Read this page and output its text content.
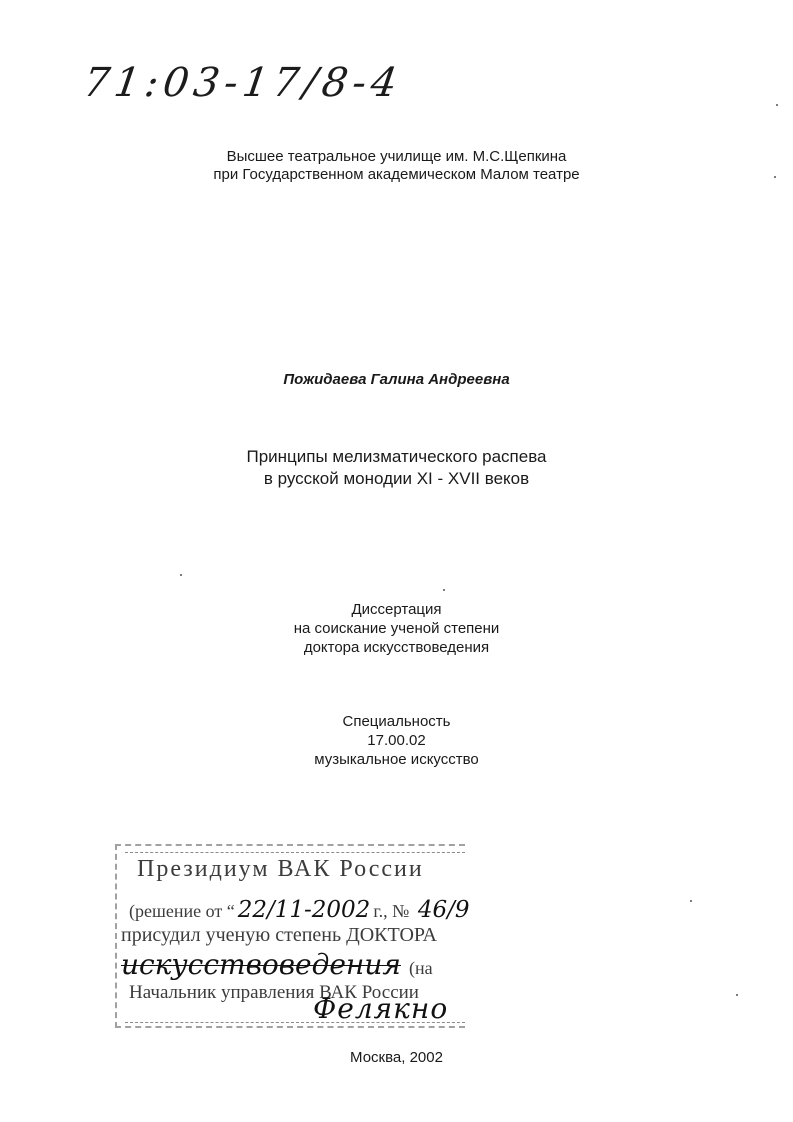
71:03-17/8-4
Высшее театральное училище им. М.С.Щепкина
при Государственном академическом Малом театре
Пожидаева Галина Андреевна
Принципы мелизматического распева
в русской монодии XI - XVII веков
Диссертация
на соискание ученой степени
доктора искусствоведения
Специальность
17.00.02
музыкальное искусство
Президиум ВАК России
(решение от “ 22/11-2002 г., № 46/9
присудил ученую степень ДОКТОРА
искусствоведения (на
Начальник управления ВАК России
Фелякно
Москва, 2002
